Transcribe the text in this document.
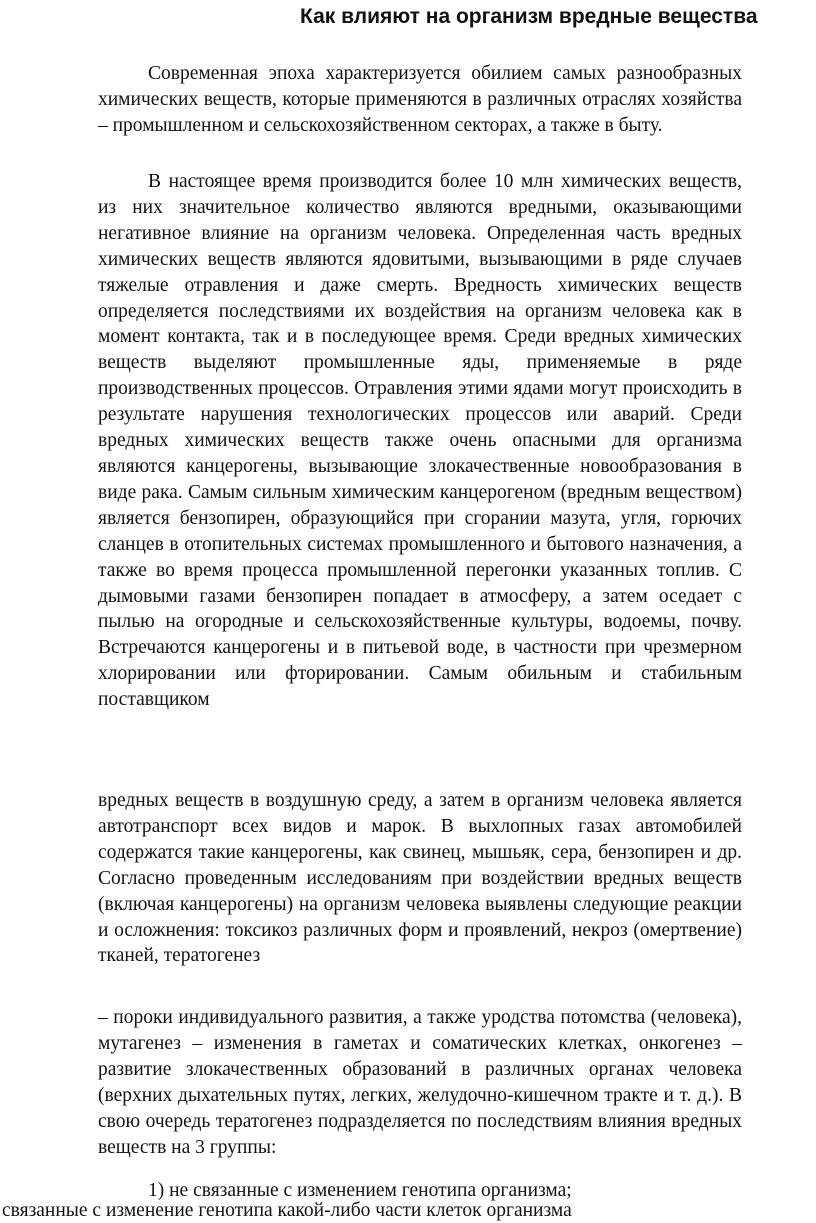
Как влияют на организм вредные вещества

Современная эпоха характеризуется обилием самых разнообразных химических веществ, которые применяются в различных отраслях хозяйства – промышленном и сельскохозяйственном секторах, а также в быту.

В настоящее время производится более 10 млн химических веществ, из них значительное количество являются вредными, оказывающими негативное влияние на организм человека. Определенная часть вредных химических веществ являются ядовитыми, вызывающими в ряде случаев тяжелые отравления и даже смерть. Вредность химических веществ определяется последствиями их воздействия на организм человека как в момент контакта, так и в последующее время. Среди вредных химических веществ выделяют промышленные яды, применяемые в ряде производственных процессов. Отравления этими ядами могут происходить в результате нарушения технологических процессов или аварий. Среди вредных химических веществ также очень опасными для организма являются канцерогены, вызывающие злокачественные новообразования в виде рака. Самым сильным химическим канцерогеном (вредным веществом) является бензопирен, образующийся при сгорании мазута, угля, горючих сланцев в отопительных системах промышленного и бытового назначения, а также во время процесса промышленной перегонки указанных топлив. С дымовыми газами бензопирен попадает в атмосферу, а затем оседает с пылью на огородные и сельскохозяйственные культуры, водоемы, почву. Встречаются канцерогены и в питьевой воде, в частности при чрезмерном хлорировании или фторировании. Самым обильным и стабильным поставщиком

вредных веществ в воздушную среду, а затем в организм человека является автотранспорт всех видов и марок. В выхлопных газах автомобилей содержатся такие канцерогены, как свинец, мышьяк, сера, бензопирен и др. Согласно проведенным исследованиям при воздействии вредных веществ (включая канцерогены) на организм человека выявлены следующие реакции и осложнения: токсикоз различных форм и проявлений, некроз (омертвение) тканей, тератогенез

– пороки индивидуального развития, а также уродства потомства (человека), мутагенез – изменения в гаметах и соматических клетках, онкогенез – развитие злокачественных образований в различных органах человека (верхних дыхательных путях, легких, желудочно-кишечном тракте и т. д.). В свою очередь тератогенез подразделяется по последствиям влияния вредных веществ на 3 группы:

1) не связанные с изменением генотипа организма;
связанные с изменение генотипа какой-либо части клеток организма
